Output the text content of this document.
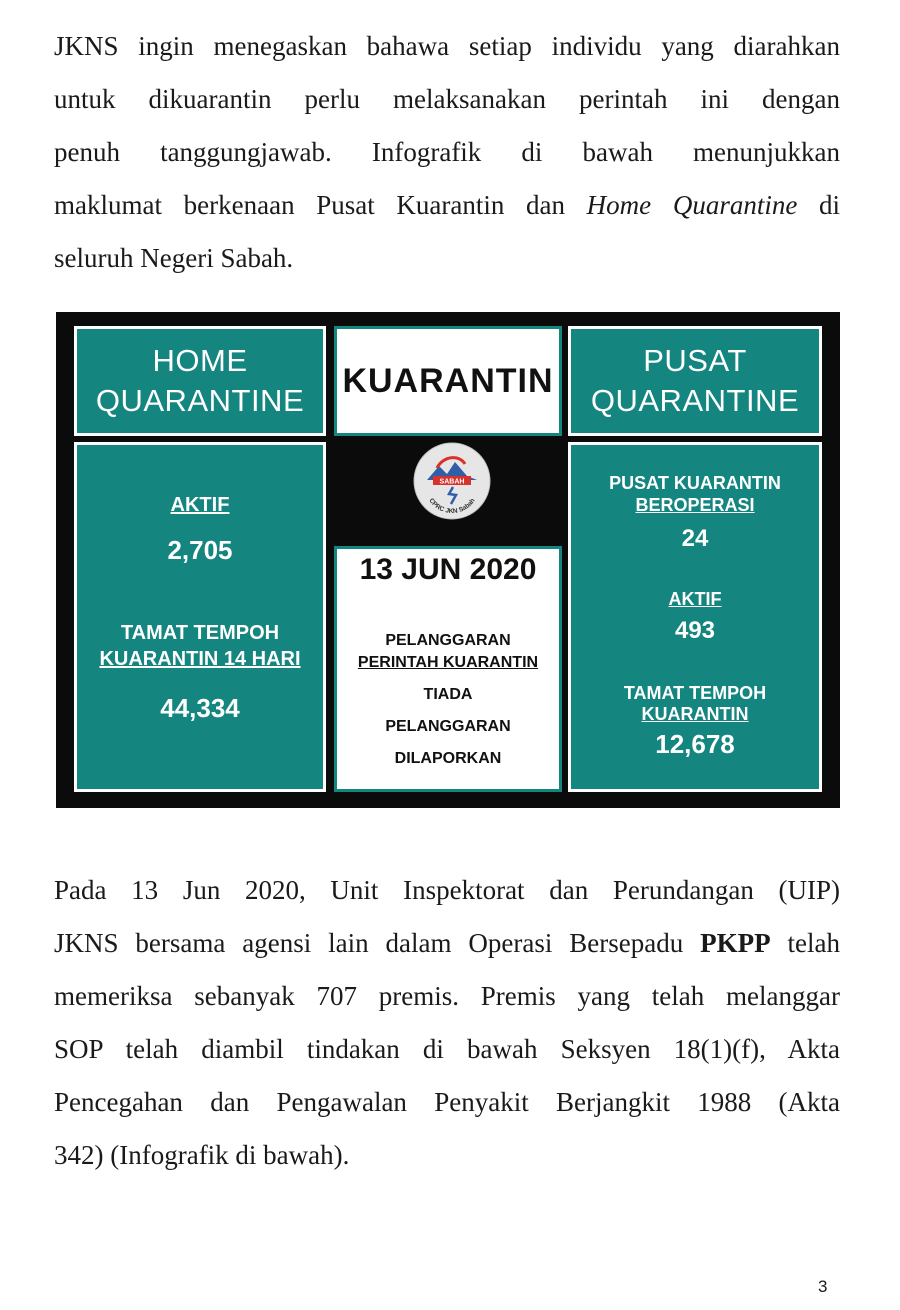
JKNS ingin menegaskan bahawa setiap individu yang diarahkan
untuk dikuarantin perlu melaksanakan perintah ini dengan
penuh tanggungjawab. Infografik di bawah menunjukkan
maklumat berkenaan Pusat Kuarantin dan Home Quarantine di
seluruh Negeri Sabah.

HOME
QUARANTINE
KUARANTIN
PUSAT
QUARANTINE
AKTIF
2,705
TAMAT TEMPOH
KUARANTIN 14 HARI
44,334
SABAH
CPRC JKN Sabah
13 JUN 2020
PELANGGARAN
PERINTAH KUARANTIN
TIADA
PELANGGARAN
DILAPORKAN
PUSAT KUARANTIN
BEROPERASI
24
AKTIF
493
TAMAT TEMPOH
KUARANTIN
12,678

Pada 13 Jun 2020, Unit Inspektorat dan Perundangan (UIP)
JKNS bersama agensi lain dalam Operasi Bersepadu PKPP telah
memeriksa sebanyak 707 premis. Premis yang telah melanggar
SOP telah diambil tindakan di bawah Seksyen 18(1)(f), Akta
Pencegahan dan Pengawalan Penyakit Berjangkit 1988 (Akta
342) (Infografik di bawah).

3
